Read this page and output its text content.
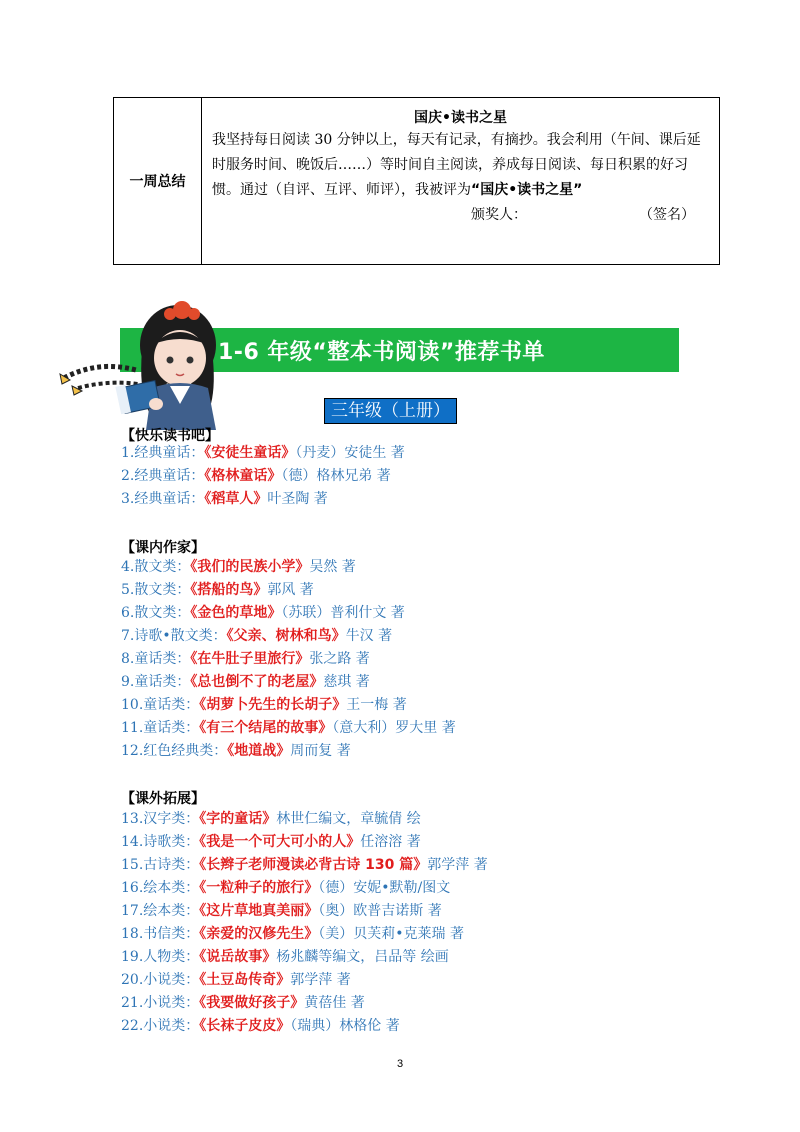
一周总结
国庆•读书之星
我坚持每日阅读 30 分钟以上，每天有记录，有摘抄。我会利用（午间、课后延时服务时间、晚饭后……）等时间自主阅读，养成每日阅读、每日积累的好习惯。通过（自评、互评、师评），我被评为“国庆•读书之星”
颁奖人：	（签名）
1-6 年级“整本书阅读”推荐书单
三年级（上册）
【快乐读书吧】
1.经典童话：《安徒生童话》（丹麦）安徒生 著
2.经典童话：《格林童话》（德）格林兄弟 著
3.经典童话：《稻草人》叶圣陶 著
【课内作家】
4.散文类：《我们的民族小学》吴然 著
5.散文类：《搭船的鸟》郭风 著
6.散文类：《金色的草地》（苏联）普利什文 著
7.诗歌•散文类：《父亲、树林和鸟》牛汉 著
8.童话类：《在牛肚子里旅行》张之路 著
9.童话类：《总也倒不了的老屋》慈琪 著
10.童话类：《胡萝卜先生的长胡子》王一梅 著
11.童话类：《有三个结尾的故事》（意大利）罗大里 著
12.红色经典类：《地道战》周而复 著
【课外拓展】
13.汉字类：《字的童话》林世仁编文，章毓倩 绘
14.诗歌类：《我是一个可大可小的人》任溶溶 著
15.古诗类：《长辫子老师漫读必背古诗 130 篇》郭学萍 著
16.绘本类：《一粒种子的旅行》（德）安妮•默勒/图文
17.绘本类：《这片草地真美丽》（奥）欧普吉诺斯 著
18.书信类：《亲爱的汉修先生》（美）贝芙莉•克莱瑞 著
19.人物类：《说岳故事》杨兆麟等编文，吕品等 绘画
20.小说类：《土豆岛传奇》郭学萍 著
21.小说类：《我要做好孩子》黄蓓佳 著
22.小说类：《长袜子皮皮》（瑞典）林格伦 著
3
